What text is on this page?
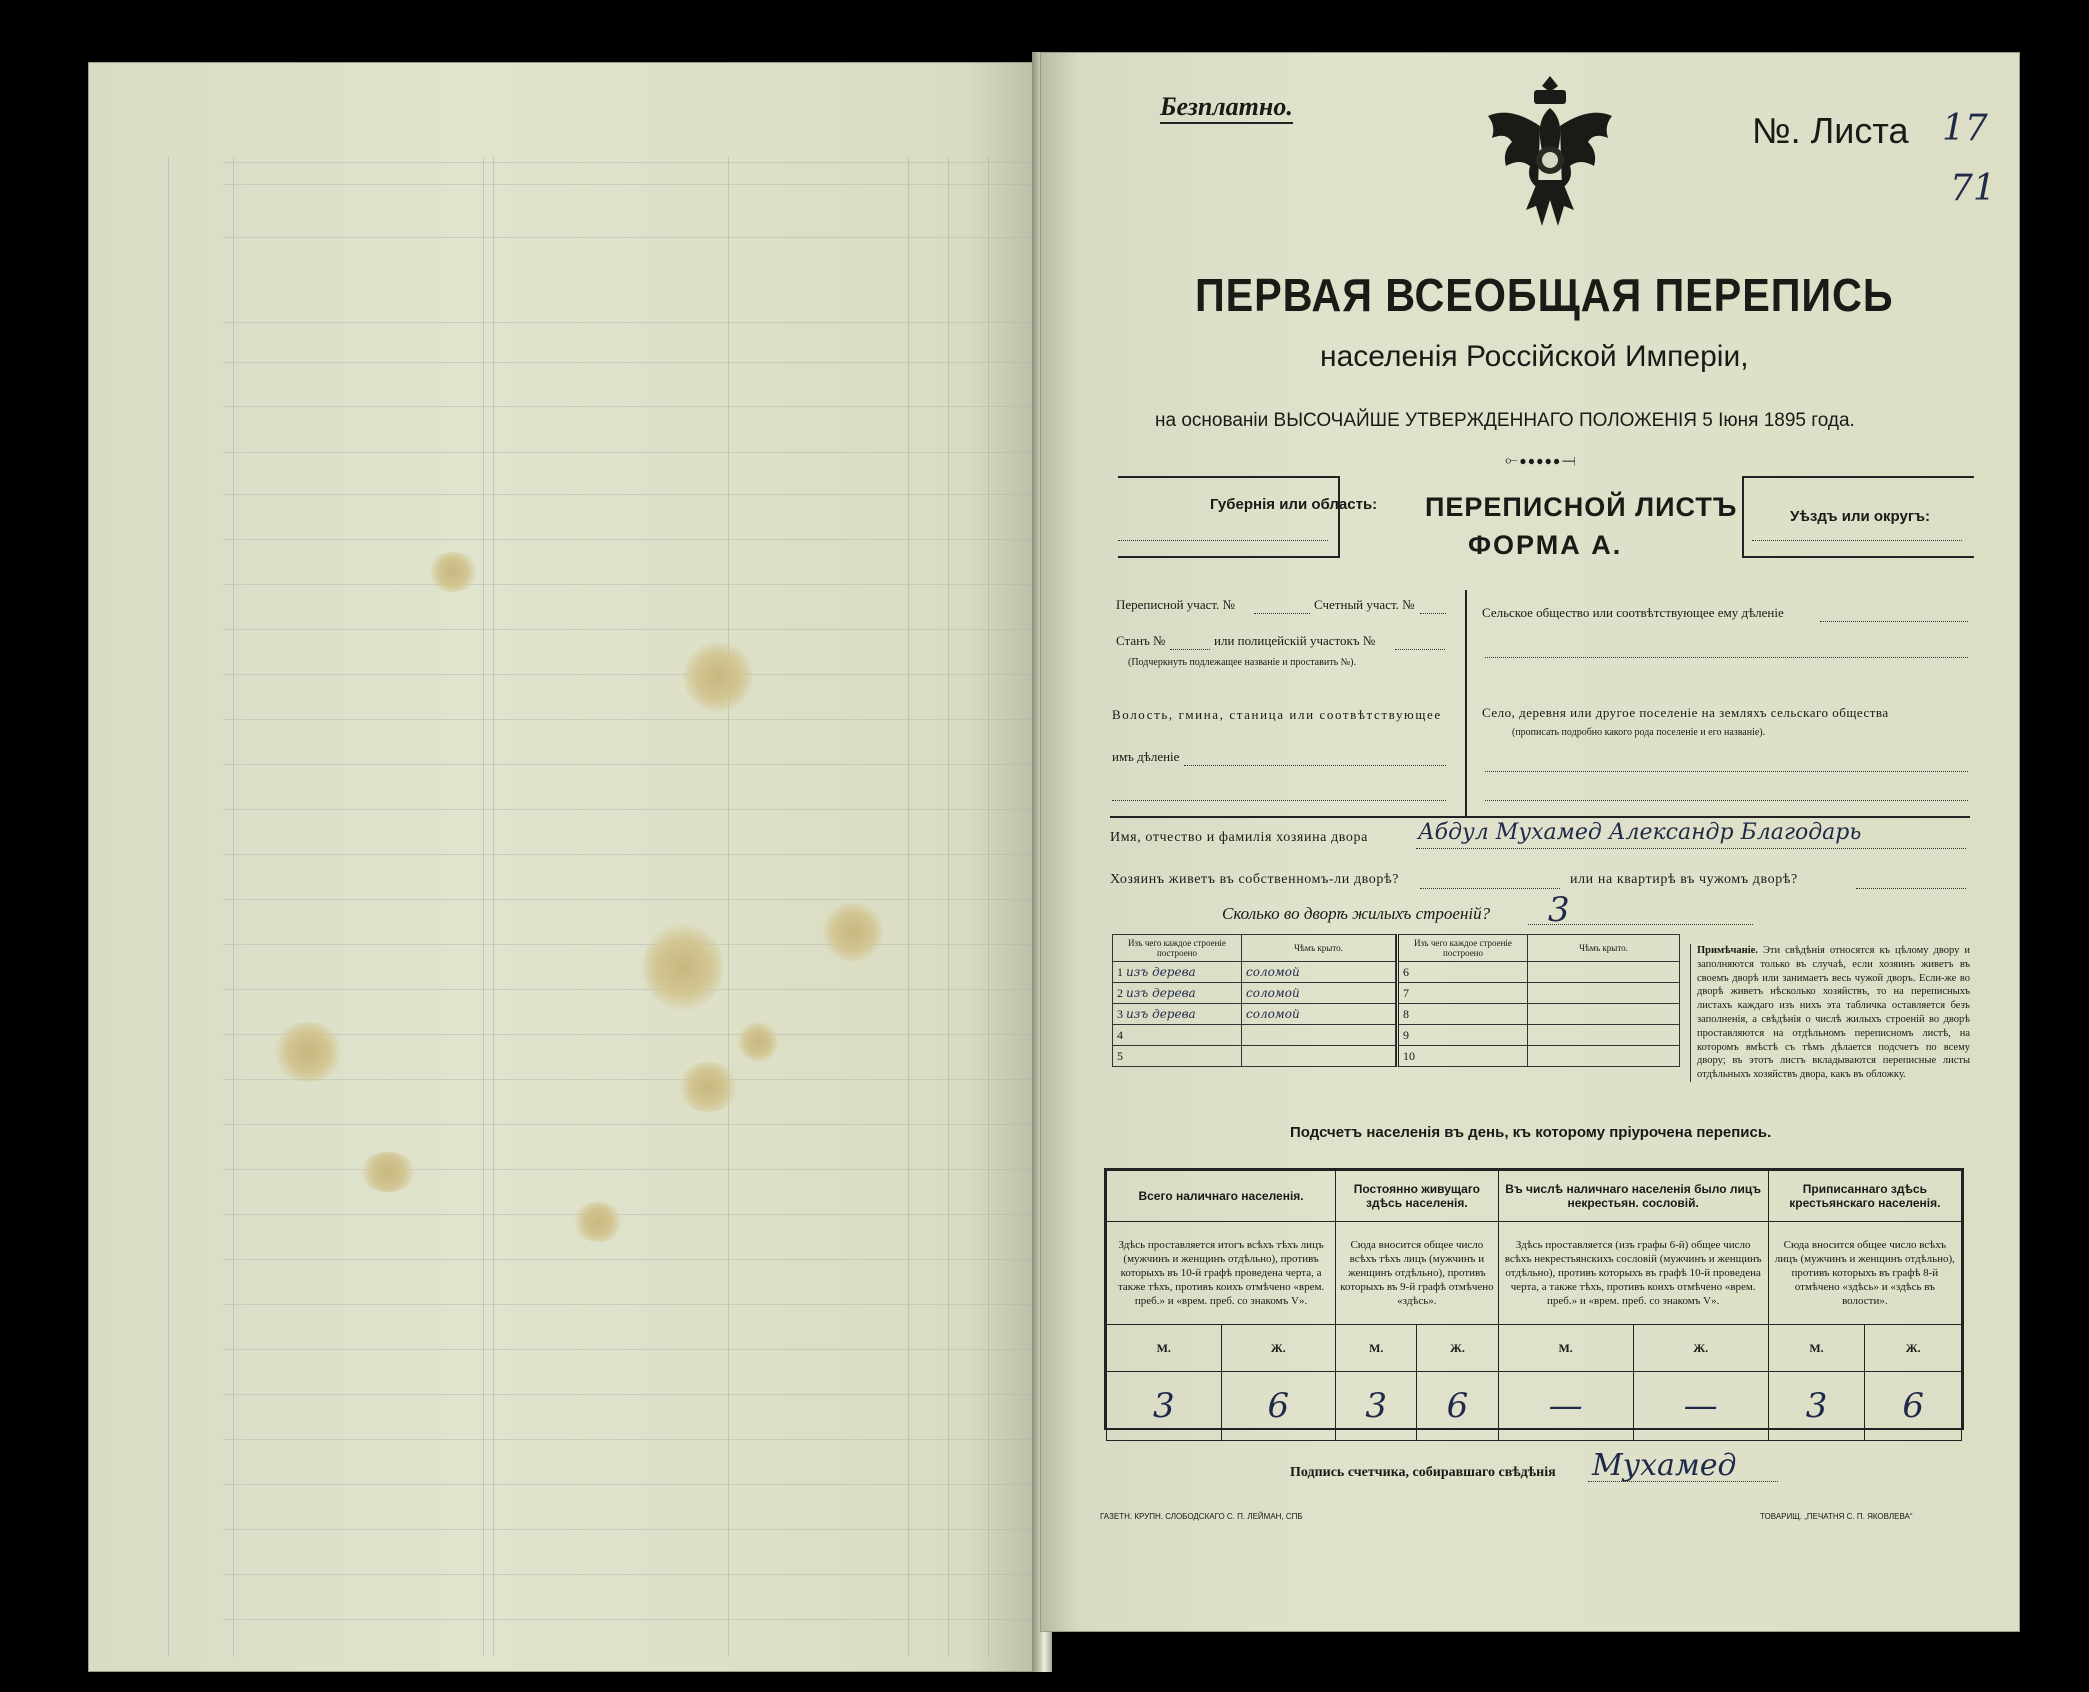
Безплатно.
№. Листа 17
71
ПЕРВАЯ ВСЕОБЩАЯ ПЕРЕПИСЬ
населенія Россійской Имперіи,
на основаніи ВЫСОЧАЙШЕ УТВЕРЖДЕННАГО ПОЛОЖЕНІЯ 5 Іюня 1895 года.
⟜⦁⦁⦁⦁⦁⟞
Губернія или область: ПЕРЕПИСНОЙ ЛИСТЪ
ФОРМА А.
Уѣздъ или округъ:
Переписной участ. №	Счетный участ. №
Станъ №	или полицейскій участокъ №
(Подчеркнуть подлежащее названіе и проставить №).
Волость, гмина, станица или соотвѣтствующее
имъ дѣленіе
Сельское общество или соотвѣтствующее ему дѣленіе
Село, деревня или другое поселеніе на земляхъ сельскаго общества
(прописать подробно какого рода поселеніе и его названіе).
Имя, отчество и фамилія хозяина двора Абдул Мухамед Александр Благодарь
Хозяинъ живетъ въ собственномъ-ли дворѣ?	или на квартирѣ въ чужомъ дворѣ?
Сколько во дворѣ жилыхъ строеній? 3
Изъ чего каждое строеніе построено	Чѣмъ крыто.
1 изъ дерева	соломой
2 изъ дерева	соломой
3 изъ дерева	соломой
4	
5	
Изъ чего каждое строеніе построено	Чѣмъ крыто.
6	
7	
8	
9	
10	
Примѣчаніе. Эти свѣдѣнія относятся къ цѣлому двору и заполняются только въ случаѣ, если хозяинъ живетъ въ своемъ дворѣ или занимаетъ весь чужой дворъ. Если-же во дворѣ живетъ нѣсколько хозяйствъ, то на переписныхъ листахъ каждаго изъ нихъ эта табличка оставляется безъ заполненія, а свѣдѣнія о числѣ жилыхъ строеній во дворѣ проставляются на отдѣльномъ переписномъ листѣ, на которомъ вмѣстѣ съ тѣмъ дѣлается подсчетъ по всему двору; въ этотъ листъ вкладываются переписные листы отдѣльныхъ хозяйствъ двора, какъ въ обложку.
Подсчетъ населенія въ день, къ которому пріурочена перепись.
Всего наличнаго населенія.		Постоянно живущаго здѣсь населенія.		Въ числѣ наличнаго населенія было лицъ некрестьян. сословій.		Приписаннаго здѣсь крестьянскаго населенія.	
Здѣсь проставляется итогъ всѣхъ тѣхъ лицъ (мужчинъ и женщинъ отдѣльно), противъ которыхъ въ 10-й графѣ проведена черта, а также тѣхъ, противъ коихъ отмѣчено «врем. преб.» и «врем. преб. со знакомъ V».		Сюда вносится общее число всѣхъ тѣхъ лицъ (мужчинъ и женщинъ отдѣльно), противъ которыхъ въ 9-й графѣ отмѣчено «здѣсь».		Здѣсь проставляется (изъ графы 6-й) общее число всѣхъ некрестьянскихъ сословій (мужчинъ и женщинъ отдѣльно), противъ которыхъ въ графѣ 10-й проведена черта, а также тѣхъ, противъ коихъ отмѣчено «врем. преб.» и «врем. преб. со знакомъ V».		Сюда вносится общее число всѣхъ лицъ (мужчинъ и женщинъ отдѣльно), противъ которыхъ въ графѣ 8-й отмѣчено «здѣсь» и «здѣсь въ волости».	
М.	Ж.	М.	Ж.	М.	Ж.	М.	Ж.
3	6	3	6	—	—	3	6
Подпись счетчика, собиравшаго свѣдѣнія Мухамед
ГАЗЕТН. КРУПН. СЛОБОДСКАГО С. П. ЛЕЙМАН, СПБ	ТОВАРИЩ. „ПЕЧАТНЯ С. П. ЯКОВЛЕВА“
